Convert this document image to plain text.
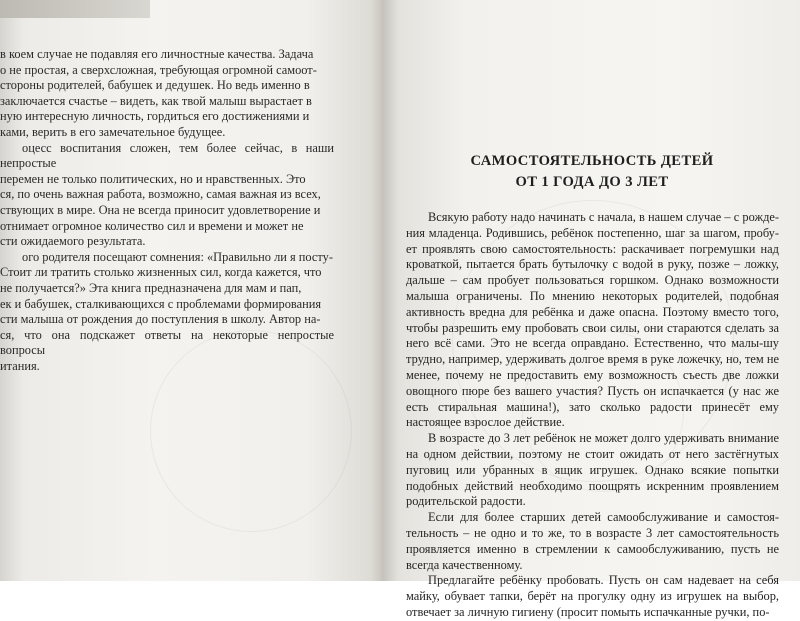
в коем случае не подавляя его личностные качества. Задача

о не простая, а сверхсложная, требующая огромной самоот-

стороны родителей, бабушек и дедушек. Но ведь именно в

заключается счастье – видеть, как твой малыш вырастает в

ную интересную личность, гордиться его достижениями и

ками, верить в его замечательное будущее.

оцесс воспитания сложен, тем более сейчас, в наши непростые

перемен не только политических, но и нравственных. Это

ся, по очень важная работа, возможно, самая важная из всех,

ствующих в мире. Она не всегда приносит удовлетворение и

отнимает огромное количество сил и времени и может не

сти ожидаемого результата.

ого родителя посещают сомнения: «Правильно ли я посту-

Стоит ли тратить столько жизненных сил, когда кажется, что

не получается?» Эта книга предназначена для мам и пап,

ек и бабушек, сталкивающихся с проблемами формирования

сти малыша от рождения до поступления в школу. Автор на-

ся, что она подскажет ответы на некоторые непростые вопросы

итания.

САМОСТОЯТЕЛЬНОСТЬ ДЕТЕЙ
ОТ 1 ГОДА ДО 3 ЛЕТ

Всякую работу надо начинать с начала, в нашем случае – с рожде-ния младенца. Родившись, ребёнок постепенно, шаг за шагом, пробу-ет проявлять свою самостоятельность: раскачивает погремушки над кроваткой, пытается брать бутылочку с водой в руку, позже – ложку, дальше – сам пробует пользоваться горшком. Однако возможности малыша ограничены. По мнению некоторых родителей, подобная активность вредна для ребёнка и даже опасна. Поэтому вместо того, чтобы разрешить ему пробовать свои силы, они стараются сделать за него всё сами. Это не всегда оправдано. Естественно, что малы-шу трудно, например, удерживать долгое время в руке ложечку, но, тем не менее, почему не предоставить ему возможность съесть две ложки овощного пюре без вашего участия? Пусть он испачкается (у нас же есть стиральная машина!), зато сколько радости принесёт ему настоящее взрослое действие.

В возрасте до 3 лет ребёнок не может долго удерживать внимание на одном действии, поэтому не стоит ожидать от него застёгнутых пуговиц или убранных в ящик игрушек. Однако всякие попытки подобных действий необходимо поощрять искренним проявлением родительской радости.

Если для более старших детей самообслуживание и самостоя-тельность – не одно и то же, то в возрасте 3 лет самостоятельность проявляется именно в стремлении к самообслуживанию, пусть не всегда качественному.

Предлагайте ребёнку пробовать. Пусть он сам надевает на себя майку, обувает тапки, берёт на прогулку одну из игрушек на выбор, отвечает за личную гигиену (просит помыть испачканные ручки, по-
